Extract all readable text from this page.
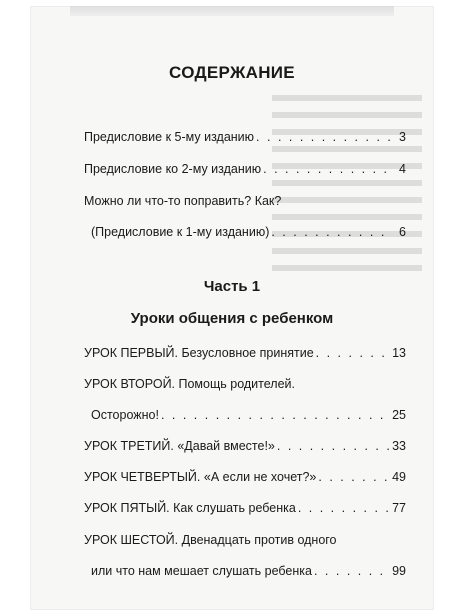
СОДЕРЖАНИЕ
Предисловие к 5-му изданию . . .	3
Предисловие ко 2-му изданию . . .	4
Можно ли что-то поправить? Как?
(Предисловие к 1-му изданию) . . .	6
Часть 1
Уроки общения с ребенком
УРОК ПЕРВЫЙ. Безусловное принятие . . .	13
УРОК ВТОРОЙ. Помощь родителей.
Осторожно! . . .	25
УРОК ТРЕТИЙ. «Давай вместе!» . . .	33
УРОК ЧЕТВЕРТЫЙ. «А если не хочет?» . . .	49
УРОК ПЯТЫЙ. Как слушать ребенка . . .	77
УРОК ШЕСТОЙ. Двенадцать против одного
или что нам мешает слушать ребенка . . .	99
